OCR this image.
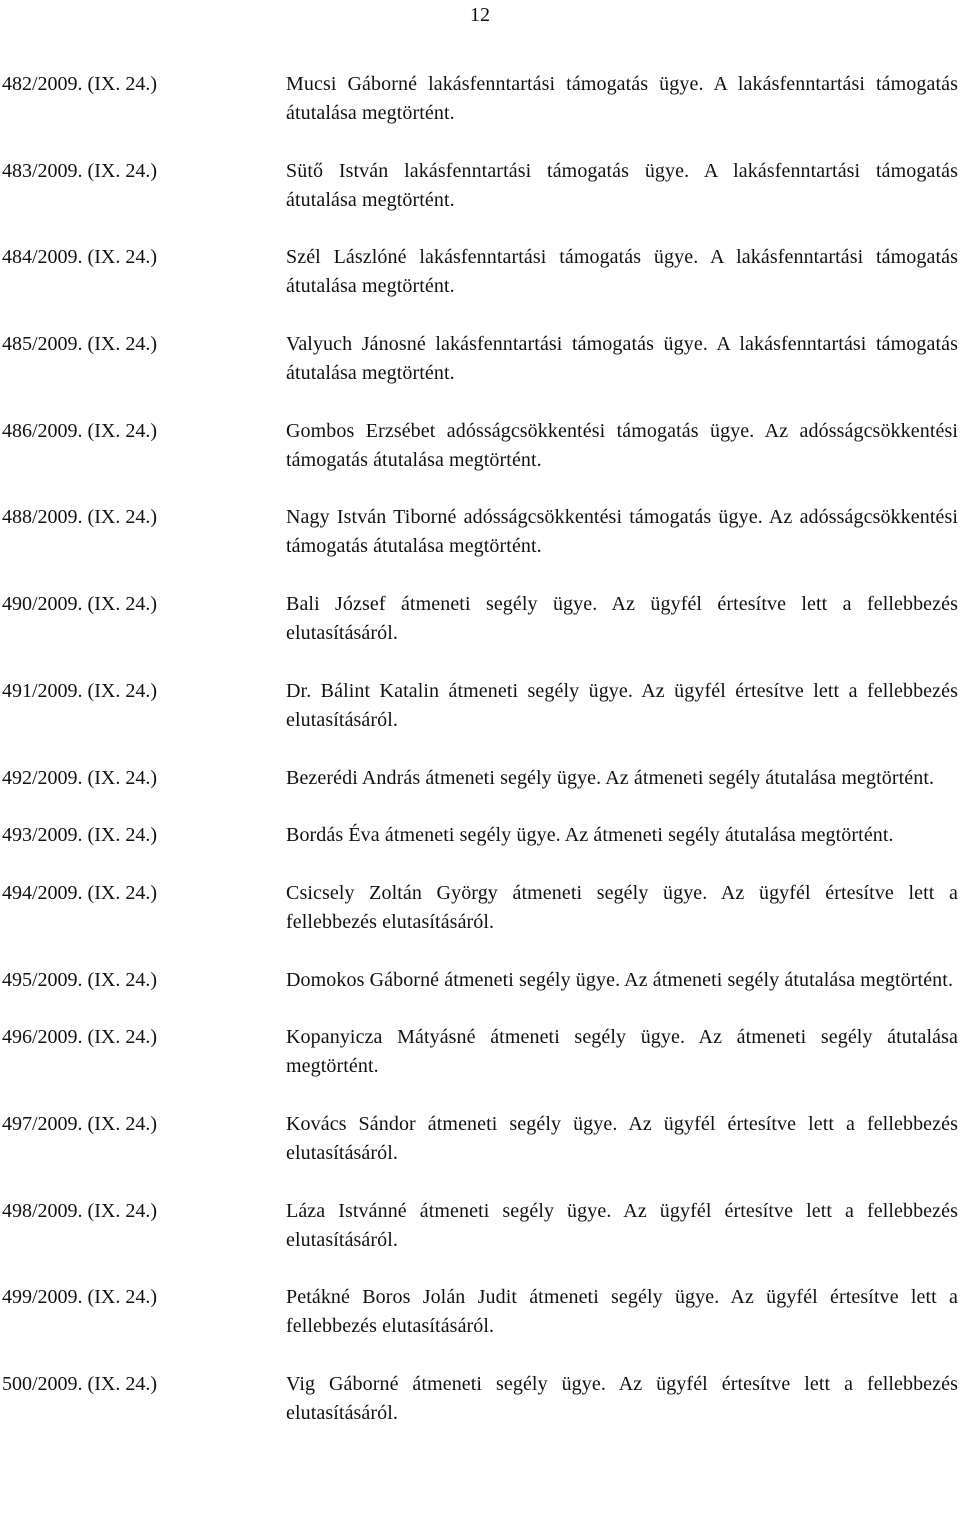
12
482/2009. (IX. 24.)	Mucsi Gáborné lakásfenntartási támogatás ügye. A lakásfenntartási támogatás átutalása megtörtént.
483/2009. (IX. 24.)	Sütő István lakásfenntartási támogatás ügye. A lakásfenntartási támogatás átutalása megtörtént.
484/2009. (IX. 24.)	Szél Lászlóné lakásfenntartási támogatás ügye. A lakásfenntartási támogatás átutalása megtörtént.
485/2009. (IX. 24.)	Valyuch Jánosné lakásfenntartási támogatás ügye. A lakásfenntartási támogatás átutalása megtörtént.
486/2009. (IX. 24.)	Gombos Erzsébet adósságcsökkentési támogatás ügye. Az adósságcsökkentési támogatás átutalása megtörtént.
488/2009. (IX. 24.)	Nagy István Tiborné adósságcsökkentési támogatás ügye. Az adósságcsökkentési támogatás átutalása megtörtént.
490/2009. (IX. 24.)	Bali József átmeneti segély ügye. Az ügyfél értesítve lett a fellebbezés elutasításáról.
491/2009. (IX. 24.)	Dr. Bálint Katalin átmeneti segély ügye. Az ügyfél értesítve lett a fellebbezés elutasításáról.
492/2009. (IX. 24.)	Bezerédi András átmeneti segély ügye. Az átmeneti segély átutalása megtörtént.
493/2009. (IX. 24.)	Bordás Éva átmeneti segély ügye. Az átmeneti segély átutalása megtörtént.
494/2009. (IX. 24.)	Csicsely Zoltán György átmeneti segély ügye. Az ügyfél értesítve lett a fellebbezés elutasításáról.
495/2009. (IX. 24.)	Domokos Gáborné átmeneti segély ügye. Az átmeneti segély átutalása megtörtént.
496/2009. (IX. 24.)	Kopanyicza Mátyásné átmeneti segély ügye. Az átmeneti segély átutalása megtörtént.
497/2009. (IX. 24.)	Kovács Sándor átmeneti segély ügye. Az ügyfél értesítve lett a fellebbezés elutasításáról.
498/2009. (IX. 24.)	Láza Istvánné átmeneti segély ügye. Az ügyfél értesítve lett a fellebbezés elutasításáról.
499/2009. (IX. 24.)	Petákné Boros Jolán Judit átmeneti segély ügye. Az ügyfél értesítve lett a fellebbezés elutasításáról.
500/2009. (IX. 24.)	Vig Gáborné átmeneti segély ügye. Az ügyfél értesítve lett a fellebbezés elutasításáról.
